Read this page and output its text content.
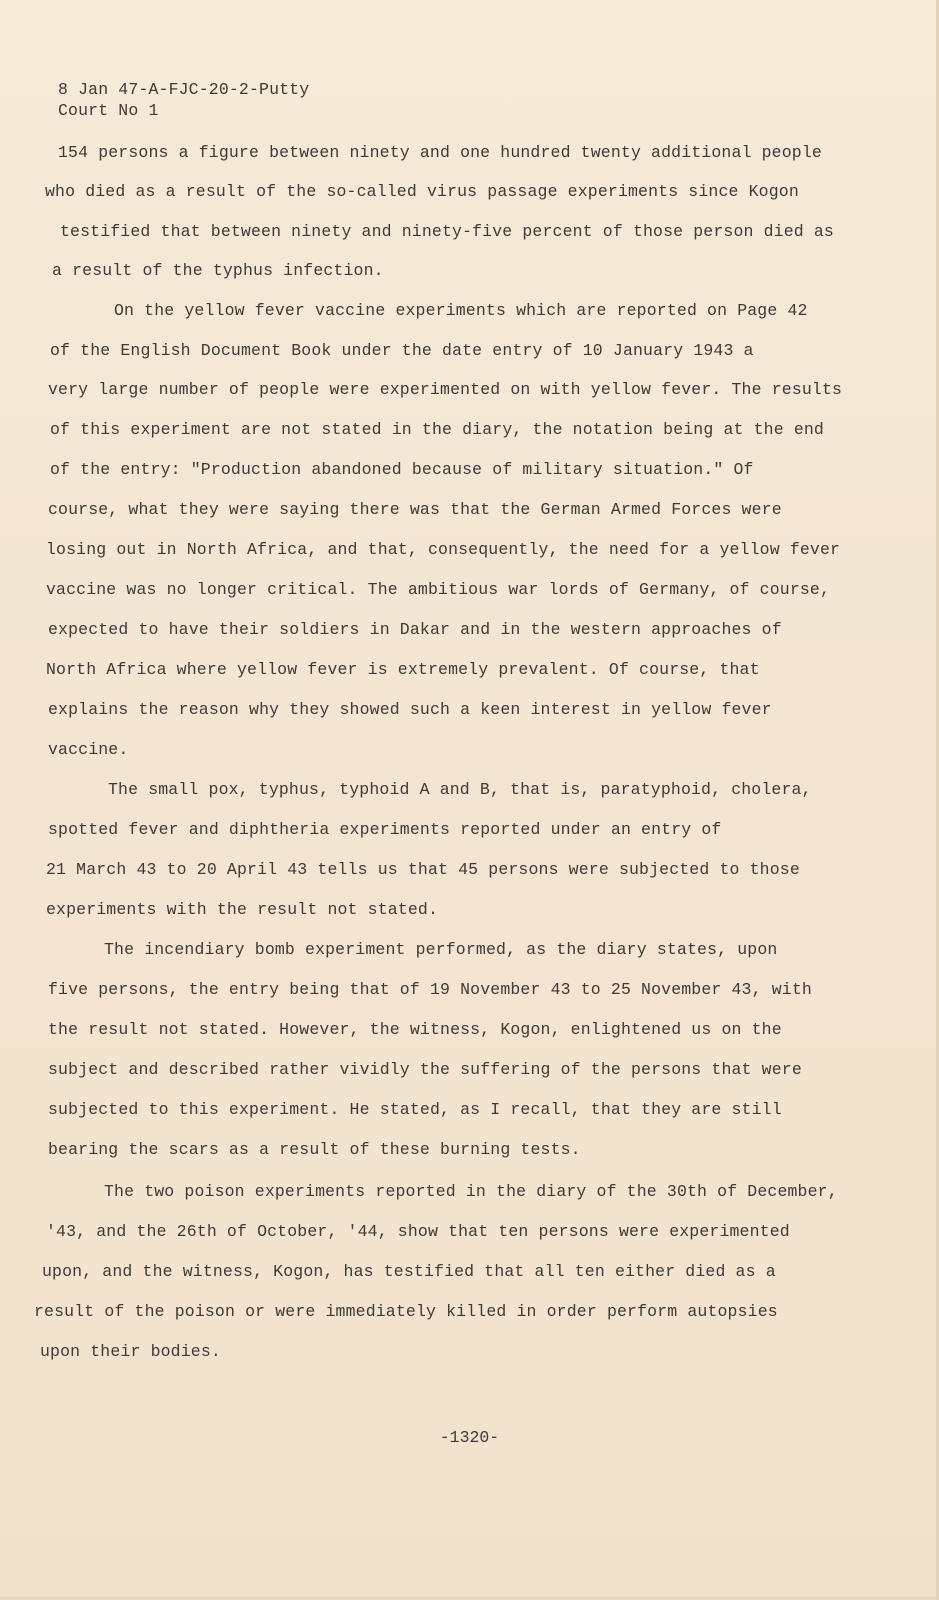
8 Jan 47-A-FJC-20-2-Putty
Court No 1
154 persons a figure between ninety and one hundred twenty additional people
who died as a result of the so-called virus passage experiments since Kogon
testified that between ninety and ninety-five percent of those person died as
a result of the typhus infection.
On the yellow fever vaccine experiments which are reported on Page 42
of the English Document Book under the date entry of 10 January 1943 a
very large number of people were experimented on with yellow fever. The results
of this experiment are not stated in the diary, the notation being at the end
of the entry: "Production abandoned because of military situation." Of
course, what they were saying there was that the German Armed Forces were
losing out in North Africa, and that, consequently, the need for a yellow fever
vaccine was no longer critical. The ambitious war lords of Germany, of course,
expected to have their soldiers in Dakar and in the western approaches of
North Africa where yellow fever is extremely prevalent. Of course, that
explains the reason why they showed such a keen interest in yellow fever
vaccine.
The small pox, typhus, typhoid A and B, that is, paratyphoid, cholera,
spotted fever and diphtheria experiments reported under an entry of
21 March 43 to 20 April 43 tells us that 45 persons were subjected to those
experiments with the result not stated.
The incendiary bomb experiment performed, as the diary states, upon
five persons, the entry being that of 19 November 43 to 25 November 43, with
the result not stated. However, the witness, Kogon, enlightened us on the
subject and described rather vividly the suffering of the persons that were
subjected to this experiment. He stated, as I recall, that they are still
bearing the scars as a result of these burning tests.
The two poison experiments reported in the diary of the 30th of December,
'43, and the 26th of October, '44, show that ten persons were experimented
upon, and the witness, Kogon, has testified that all ten either died as a
result of the poison or were immediately killed in order perform autopsies
upon their bodies.
-1320-
